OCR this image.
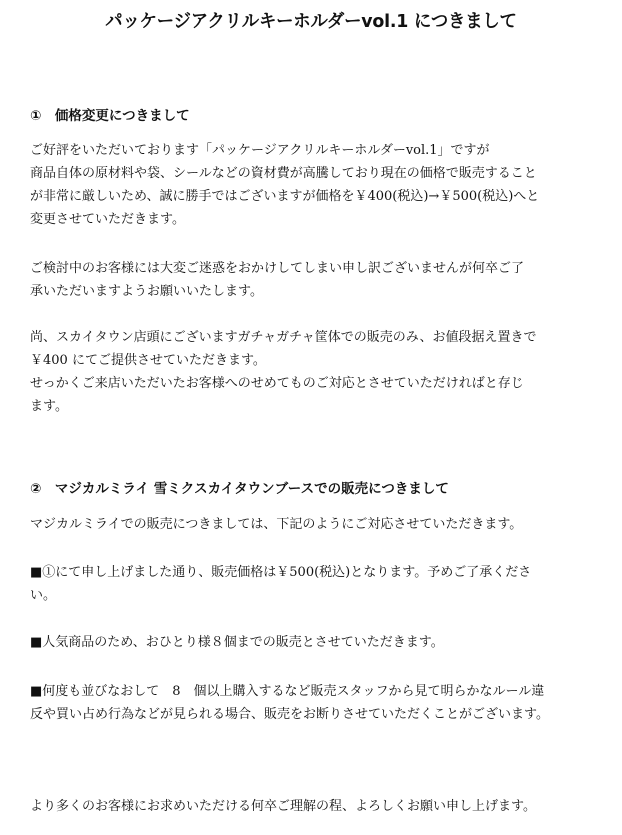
パッケージアクリルキーホルダーvol.1 につきまして
①　価格変更につきまして
ご好評をいただいております「パッケージアクリルキーホルダーvol.1」ですが
商品自体の原材料や袋、シールなどの資材費が高騰しており現在の価格で販売すること
が非常に厳しいため、誠に勝手ではございますが価格を￥400(税込)→￥500(税込)へと
変更させていただきます。
ご検討中のお客様には大変ご迷惑をおかけしてしまい申し訳ございませんが何卒ご了
承いただいますようお願いいたします。
尚、スカイタウン店頭にございますガチャガチャ筐体での販売のみ、お値段据え置きで
￥400 にてご提供させていただきます。
せっかくご来店いただいたお客様へのせめてものご対応とさせていただければと存じ
ます。
②　マジカルミライ 雪ミクスカイタウンブースでの販売につきまして
マジカルミライでの販売につきましては、下記のようにご対応させていただきます。
■①にて申し上げました通り、販売価格は￥500(税込)となります。予めご了承くださ
い。
■人気商品のため、おひとり様８個までの販売とさせていただきます。
■何度も並びなおして　8　個以上購入するなど販売スタッフから見て明らかなルール違
反や買い占め行為などが見られる場合、販売をお断りさせていただくことがございます。
より多くのお客様にお求めいただける何卒ご理解の程、よろしくお願い申し上げます。
